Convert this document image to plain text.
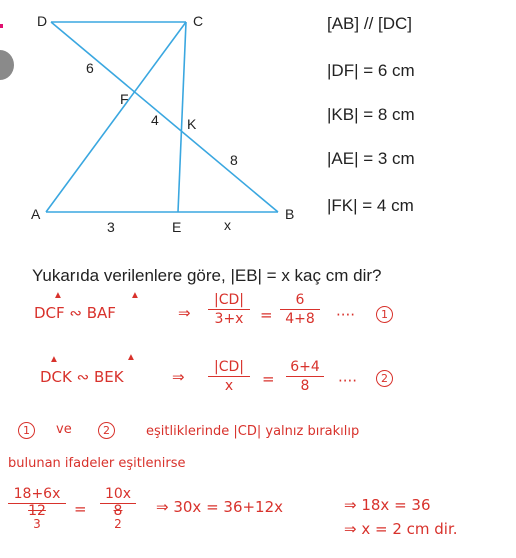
D	C
F
K
A
E
B
6
4
8
3	x
[AB] // [DC]
|DF| = 6 cm
|KB| = 8 cm
|AE| = 3 cm
|FK| = 4 cm
Yukarıda verilenlere göre, |EB| = x kaç cm dir?
▲	▲
DCF ∾ BAF	⇒
|CD|
3+x	=
6
4+8	····	1
▲	▲
DCK ∾ BEK	⇒
|CD|
x	=
6+4
8	····	2
1	ve	2	eşitliklerinde |CD| yalnız bırakılıp
bulunan ifadeler eşitlenirse
18+6x
12
3
=
10x
8
2
⇒ 30x = 36+12x	⇒ 18x = 36
⇒ x = 2 cm dir.
